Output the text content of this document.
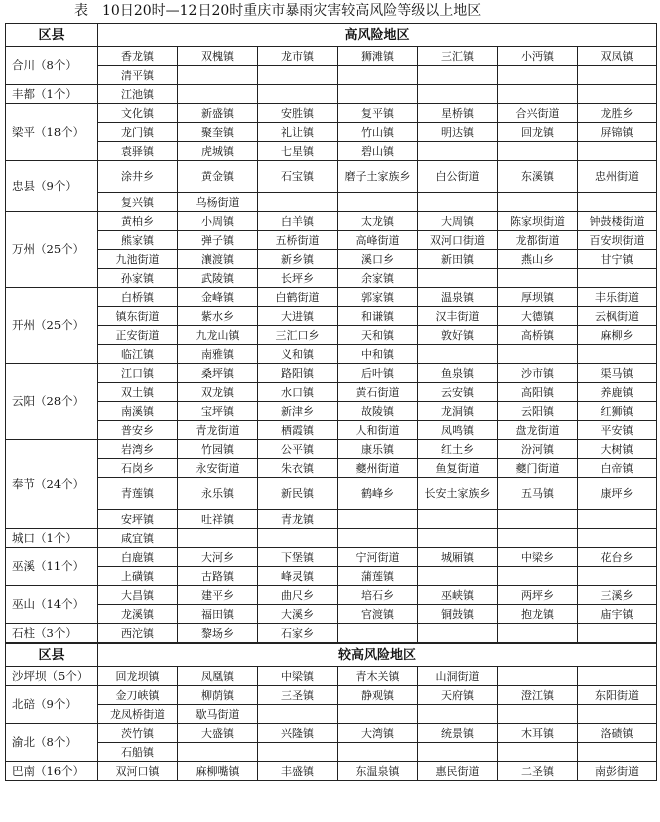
表　10日20时—12日20时重庆市暴雨灾害较高风险等级以上地区
区县	高风险地区						
合川（8个）	香龙镇	双槐镇	龙市镇	狮滩镇	三汇镇	小沔镇	双凤镇
	清平镇						
丰都（1个）	江池镇						
梁平（18个）	文化镇	新盛镇	安胜镇	复平镇	星桥镇	合兴街道	龙胜乡
	龙门镇	聚奎镇	礼让镇	竹山镇	明达镇	回龙镇	屏锦镇
	袁驿镇	虎城镇	七星镇	碧山镇			
忠县（9个）	涂井乡	黄金镇	石宝镇	磨子土家族乡	白公街道	东溪镇	忠州街道
	复兴镇	乌杨街道					
万州（25个）	黄柏乡	小周镇	白羊镇	太龙镇	大周镇	陈家坝街道	钟鼓楼街道
	熊家镇	弹子镇	五桥街道	高峰街道	双河口街道	龙都街道	百安坝街道
	九池街道	瀼渡镇	新乡镇	溪口乡	新田镇	燕山乡	甘宁镇
	孙家镇	武陵镇	长坪乡	余家镇			
开州（25个）	白桥镇	金峰镇	白鹤街道	郭家镇	温泉镇	厚坝镇	丰乐街道
	镇东街道	紫水乡	大进镇	和谦镇	汉丰街道	大德镇	云枫街道
	正安街道	九龙山镇	三汇口乡	天和镇	敦好镇	高桥镇	麻柳乡
	临江镇	南雅镇	义和镇	中和镇			
云阳（28个）	江口镇	桑坪镇	路阳镇	后叶镇	鱼泉镇	沙市镇	渠马镇
	双土镇	双龙镇	水口镇	黄石街道	云安镇	高阳镇	养鹿镇
	南溪镇	宝坪镇	新津乡	故陵镇	龙洞镇	云阳镇	红狮镇
	普安乡	青龙街道	栖霞镇	人和街道	凤鸣镇	盘龙街道	平安镇
奉节（24个）	岩湾乡	竹园镇	公平镇	康乐镇	红土乡	汾河镇	大树镇
	石岗乡	永安街道	朱衣镇	夔州街道	鱼复街道	夔门街道	白帝镇
	青莲镇	永乐镇	新民镇	鹤峰乡	长安土家族乡	五马镇	康坪乡
	安坪镇	吐祥镇	青龙镇				
城口（1个）	咸宜镇						
巫溪（11个）	白鹿镇	大河乡	下堡镇	宁河街道	城厢镇	中梁乡	花台乡
	上磺镇	古路镇	峰灵镇	蒲莲镇			
巫山（14个）	大昌镇	建平乡	曲尺乡	培石乡	巫峡镇	两坪乡	三溪乡
	龙溪镇	福田镇	大溪乡	官渡镇	铜鼓镇	抱龙镇	庙宇镇
石柱（3个）	西沱镇	黎场乡	石家乡				
区县	较高风险地区						
沙坪坝（5个）	回龙坝镇	凤凰镇	中梁镇	青木关镇	山洞街道		
北碚（9个）	金刀峡镇	柳荫镇	三圣镇	静观镇	天府镇	澄江镇	东阳街道
	龙凤桥街道	歇马街道					
渝北（8个）	茨竹镇	大盛镇	兴隆镇	大湾镇	统景镇	木耳镇	洛碛镇
	石船镇						
巴南（16个）	双河口镇	麻柳嘴镇	丰盛镇	东温泉镇	惠民街道	二圣镇	南彭街道
